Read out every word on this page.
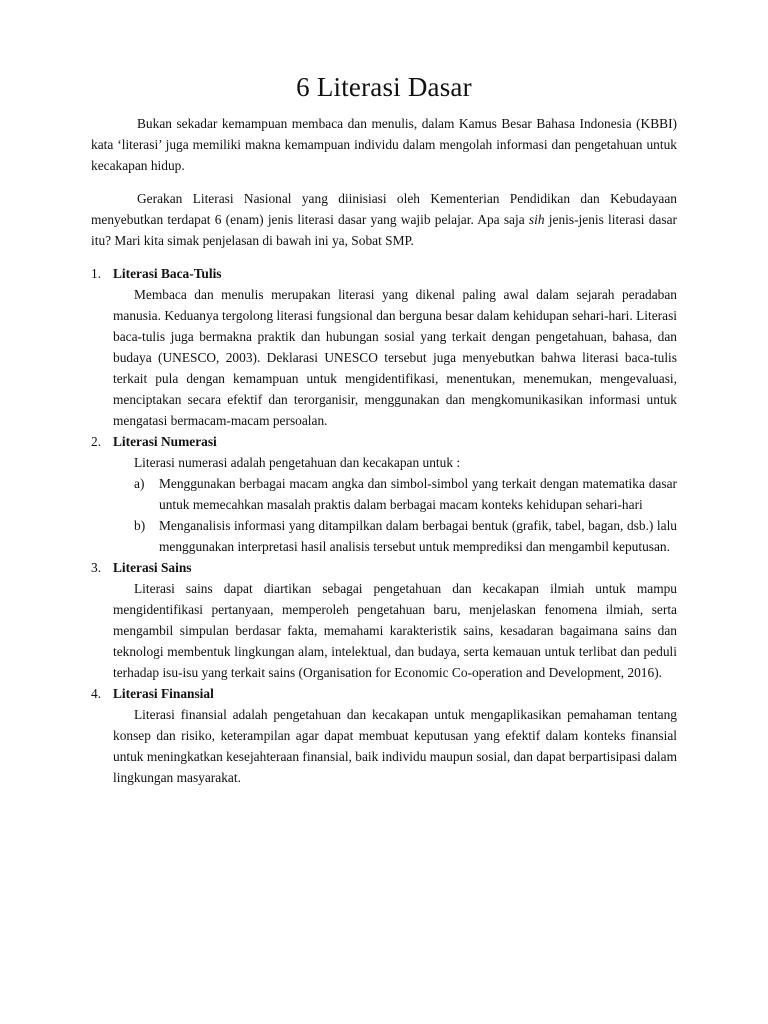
6 Literasi Dasar

Bukan sekadar kemampuan membaca dan menulis, dalam Kamus Besar Bahasa Indonesia (KBBI) kata ‘literasi’ juga memiliki makna kemampuan individu dalam mengolah informasi dan pengetahuan untuk kecakapan hidup.

Gerakan Literasi Nasional yang diinisiasi oleh Kementerian Pendidikan dan Kebudayaan menyebutkan terdapat 6 (enam) jenis literasi dasar yang wajib pelajar. Apa saja sih jenis-jenis literasi dasar itu? Mari kita simak penjelasan di bawah ini ya, Sobat SMP.

1. Literasi Baca-Tulis
Membaca dan menulis merupakan literasi yang dikenal paling awal dalam sejarah peradaban manusia. Keduanya tergolong literasi fungsional dan berguna besar dalam kehidupan sehari-hari. Literasi baca-tulis juga bermakna praktik dan hubungan sosial yang terkait dengan pengetahuan, bahasa, dan budaya (UNESCO, 2003). Deklarasi UNESCO tersebut juga menyebutkan bahwa literasi baca-tulis terkait pula dengan kemampuan untuk mengidentifikasi, menentukan, menemukan, mengevaluasi, menciptakan secara efektif dan terorganisir, menggunakan dan mengkomunikasikan informasi untuk mengatasi bermacam-macam persoalan.
2. Literasi Numerasi
Literasi numerasi adalah pengetahuan dan kecakapan untuk :
a) Menggunakan berbagai macam angka dan simbol-simbol yang terkait dengan matematika dasar untuk memecahkan masalah praktis dalam berbagai macam konteks kehidupan sehari-hari
b) Menganalisis informasi yang ditampilkan dalam berbagai bentuk (grafik, tabel, bagan, dsb.) lalu menggunakan interpretasi hasil analisis tersebut untuk memprediksi dan mengambil keputusan.
3. Literasi Sains
Literasi sains dapat diartikan sebagai pengetahuan dan kecakapan ilmiah untuk mampu mengidentifikasi pertanyaan, memperoleh pengetahuan baru, menjelaskan fenomena ilmiah, serta mengambil simpulan berdasar fakta, memahami karakteristik sains, kesadaran bagaimana sains dan teknologi membentuk lingkungan alam, intelektual, dan budaya, serta kemauan untuk terlibat dan peduli terhadap isu-isu yang terkait sains (Organisation for Economic Co-operation and Development, 2016).
4. Literasi Finansial
Literasi finansial adalah pengetahuan dan kecakapan untuk mengaplikasikan pemahaman tentang konsep dan risiko, keterampilan agar dapat membuat keputusan yang efektif dalam konteks finansial untuk meningkatkan kesejahteraan finansial, baik individu maupun sosial, dan dapat berpartisipasi dalam lingkungan masyarakat.
